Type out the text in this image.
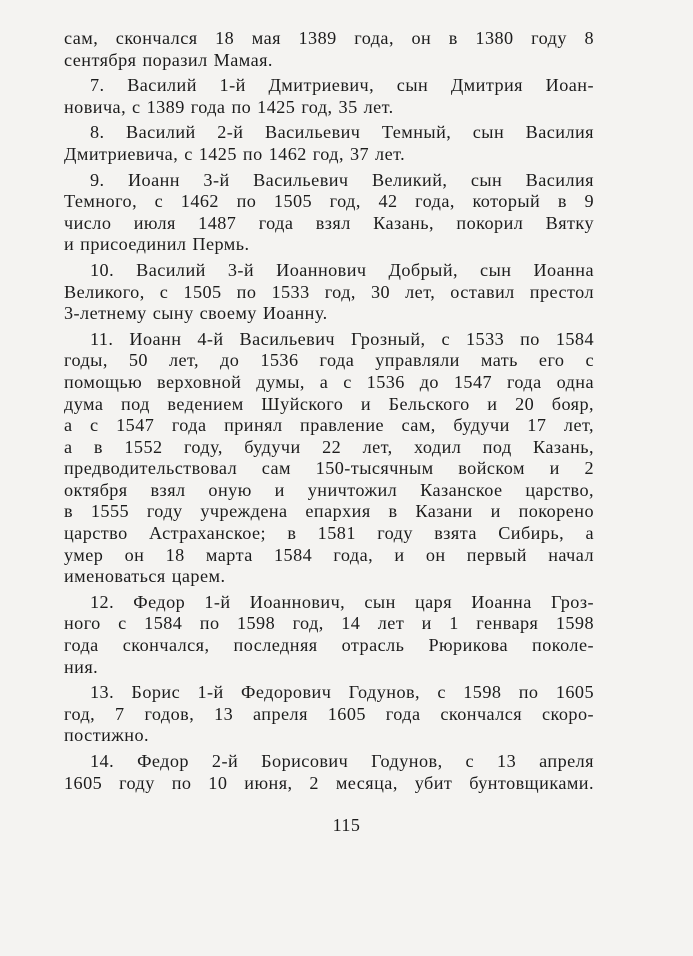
сам, скончался 18 мая 1389 года, он в 1380 году 8
сентября поразил Мамая.

7. Василий 1-й Дмитриевич, сын Дмитрия Иоан-
новича, с 1389 года по 1425 год, 35 лет.

8. Василий 2-й Васильевич Темный, сын Василия
Дмитриевича, с 1425 по 1462 год, 37 лет.

9. Иоанн 3-й Васильевич Великий, сын Василия
Темного, с 1462 по 1505 год, 42 года, который в 9
число июля 1487 года взял Казань, покорил Вятку
и присоединил Пермь.

10. Василий 3-й Иоаннович Добрый, сын Иоанна
Великого, с 1505 по 1533 год, 30 лет, оставил престол
3-летнему сыну своему Иоанну.

11. Иоанн 4-й Васильевич Грозный, с 1533 по 1584
годы, 50 лет, до 1536 года управляли мать его с
помощью верховной думы, а с 1536 до 1547 года одна
дума под ведением Шуйского и Бельского и 20 бояр,
а с 1547 года принял правление сам, будучи 17 лет,
а в 1552 году, будучи 22 лет, ходил под Казань,
предводительствовал сам 150-тысячным войском и 2
октября взял оную и уничтожил Казанское царство,
в 1555 году учреждена епархия в Казани и покорено
царство Астраханское; в 1581 году взята Сибирь, а
умер он 18 марта 1584 года, и он первый начал
именоваться царем.

12. Федор 1-й Иоаннович, сын царя Иоанна Гроз-
ного с 1584 по 1598 год, 14 лет и 1 генваря 1598
года скончался, последняя отрасль Рюрикова поколе-
ния.

13. Борис 1-й Федорович Годунов, с 1598 по 1605
год, 7 годов, 13 апреля 1605 года скончался скоро-
постижно.

14. Федор 2-й Борисович Годунов, с 13 апреля
1605 году по 10 июня, 2 месяца, убит бунтовщиками.

115
